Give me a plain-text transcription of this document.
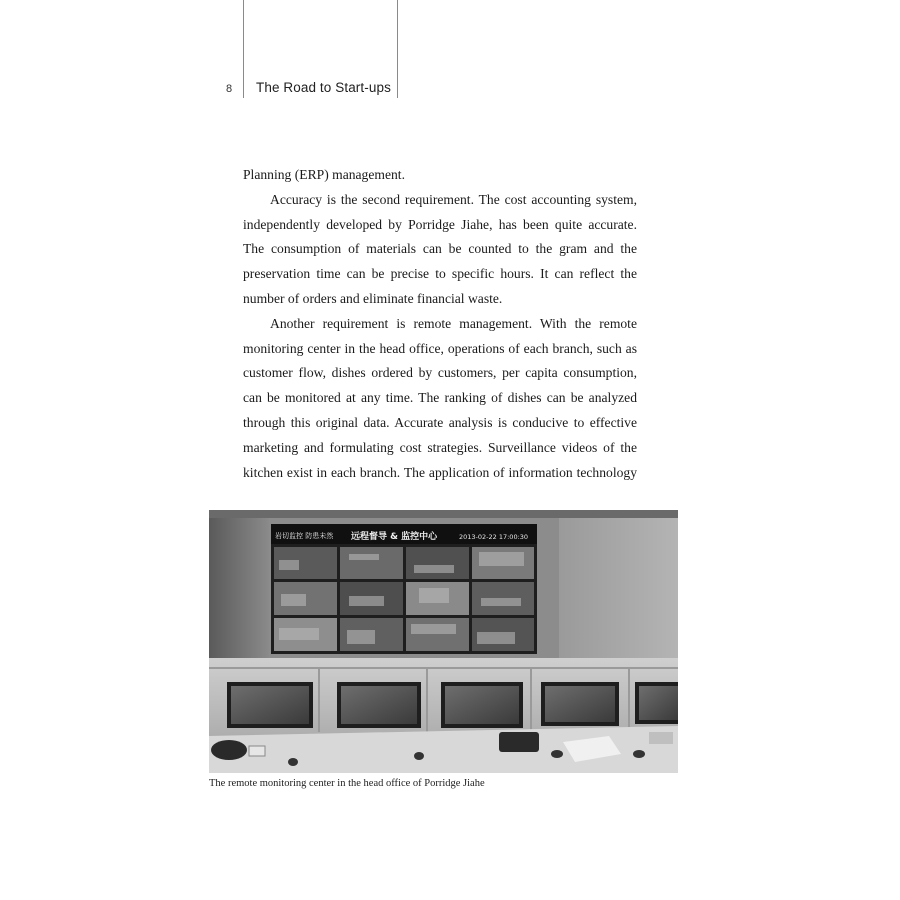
8 The Road to Start-ups

Planning (ERP) management.

Accuracy is the second requirement. The cost accounting system, independently developed by Porridge Jiahe, has been quite accurate. The consumption of materials can be counted to the gram and the preservation time can be precise to specific hours. It can reflect the number of orders and eliminate financial waste.

Another requirement is remote management. With the remote monitoring center in the head office, operations of each branch, such as customer flow, dishes ordered by customers, per capita consumption, can be monitored at any time. The ranking of dishes can be analyzed through this original data. Accurate analysis is conducive to effective marketing and formulating cost strategies. Surveillance videos of the kitchen exist in each branch. The application of information technology

岩切监控 防患未然 远程督导 & 监控中心	2013-02-22 17:00:30
The remote monitoring center in the head office of Porridge Jiahe
